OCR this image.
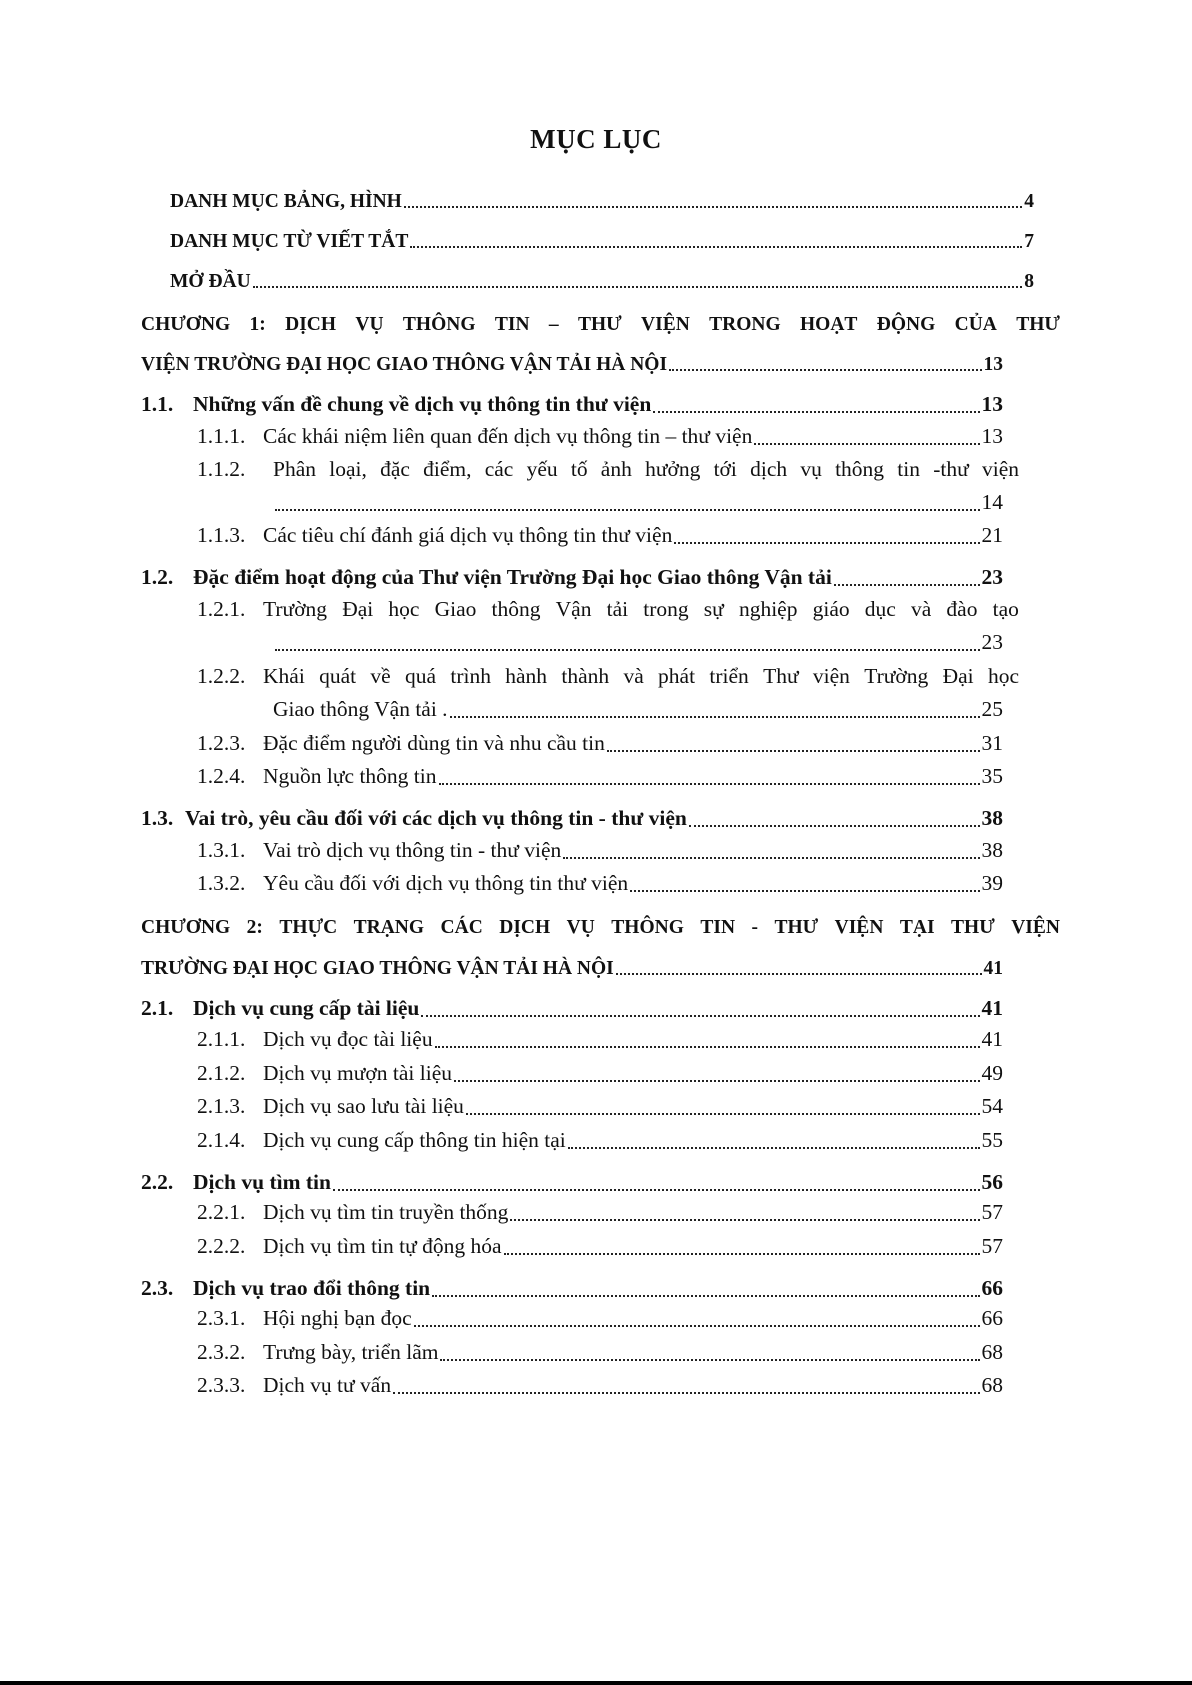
MỤC LỤC
DANH MỤC BẢNG, HÌNH	4
DANH MỤC TỪ VIẾT TẮT	7
MỞ ĐẦU	8
CHƯƠNG 1: DỊCH VỤ THÔNG TIN – THƯ VIỆN TRONG HOẠT ĐỘNG CỦA THƯ
VIỆN TRƯỜNG ĐẠI HỌC GIAO THÔNG VẬN TẢI HÀ NỘI	13
1.1. Những vấn đề chung về dịch vụ thông tin thư viện	13
1.1.1. Các khái niệm liên quan đến dịch vụ thông tin – thư viện	13
1.1.2.	Phân loại, đặc điểm, các yếu tố ảnh hưởng tới dịch vụ thông tin -thư viện
14
1.1.3. Các tiêu chí đánh giá dịch vụ thông tin thư viện	21
1.2. Đặc điểm hoạt động của Thư viện Trường Đại học Giao thông Vận tải	23
1.2.1. Trường Đại học Giao thông Vận tải trong sự nghiệp giáo dục và đào tạo
23
1.2.2. Khái quát về quá trình hành thành và phát triển Thư viện Trường Đại học
Giao thông Vận tải .	25
1.2.3. Đặc điểm người dùng tin và nhu cầu tin	31
1.2.4. Nguồn lực thông tin	35
1.3. Vai trò, yêu cầu đối với các dịch vụ thông tin - thư viện	38
1.3.1. Vai trò dịch vụ thông tin - thư viện	38
1.3.2. Yêu cầu đối với dịch vụ thông tin thư viện	39
CHƯƠNG 2: THỰC TRẠNG CÁC DỊCH VỤ THÔNG TIN - THƯ VIỆN TẠI THƯ VIỆN
TRƯỜNG ĐẠI HỌC GIAO THÔNG VẬN TẢI HÀ NỘI	41
2.1. Dịch vụ cung cấp tài liệu	41
2.1.1. Dịch vụ đọc tài liệu	41
2.1.2. Dịch vụ mượn tài liệu	49
2.1.3. Dịch vụ sao lưu tài liệu	54
2.1.4. Dịch vụ cung cấp thông tin hiện tại	55
2.2. Dịch vụ tìm tin	56
2.2.1. Dịch vụ tìm tin truyền thống	57
2.2.2. Dịch vụ tìm tin tự động hóa	57
2.3. Dịch vụ trao đổi thông tin	66
2.3.1. Hội nghị bạn đọc	66
2.3.2. Trưng bày, triển lãm	68
2.3.3. Dịch vụ tư vấn	68
